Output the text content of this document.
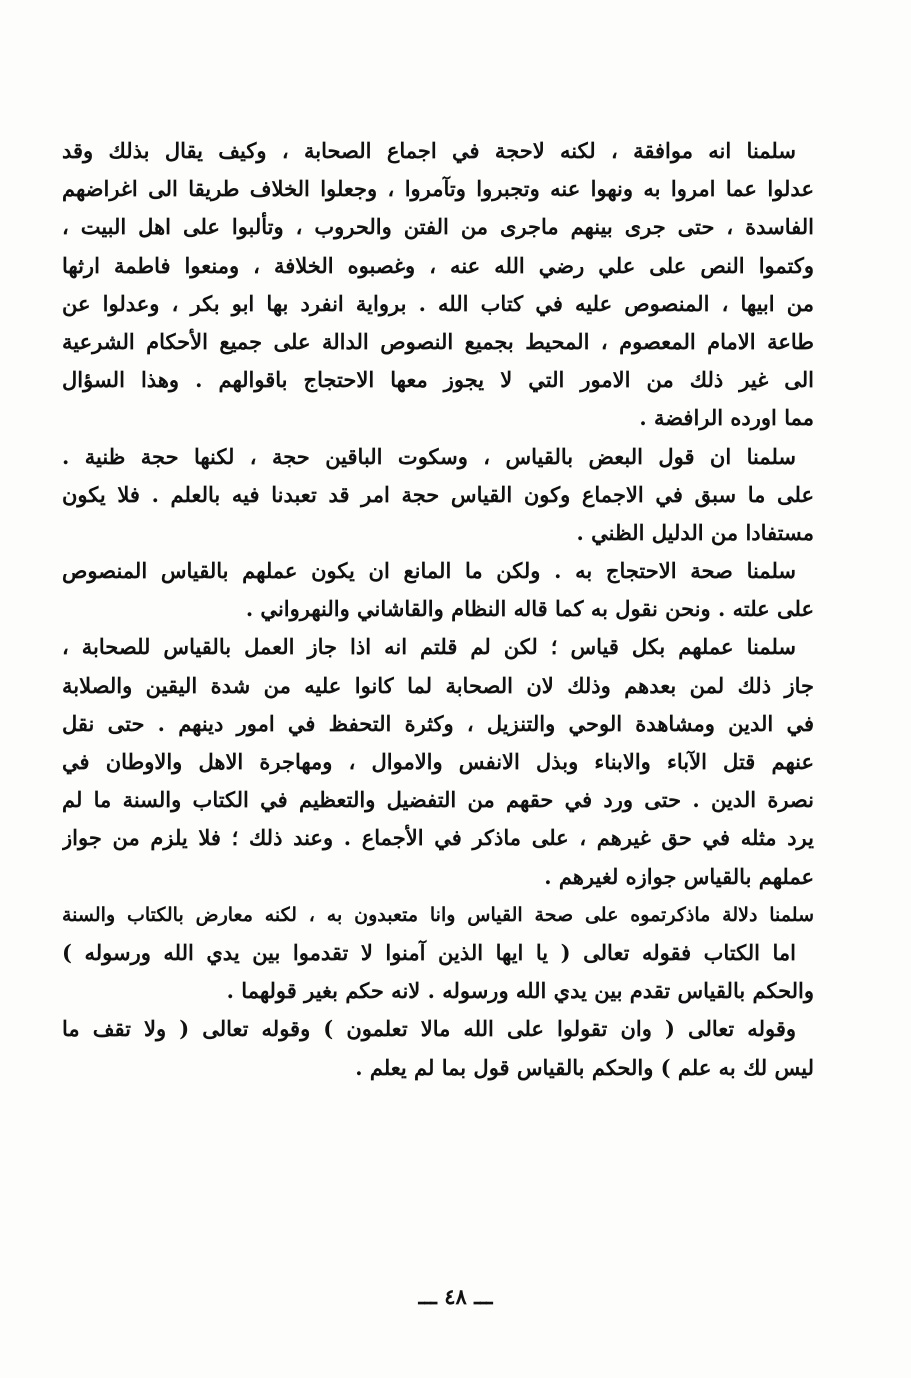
سلمنا انه موافقة ، لكنه لاحجة في اجماع الصحابة ، وكيف يقال بذلك وقد
عدلوا عما امروا به ونهوا عنه وتجبروا وتآمروا ، وجعلوا الخلاف طريقا الى اغراضهم
الفاسدة ، حتى جرى بينهم ماجرى من الفتن والحروب ، وتألبوا على اهل البيت ،
وكتموا النص على علي رضي الله عنه ، وغصبوه الخلافة ، ومنعوا فاطمة ارثها
من ابيها ، المنصوص عليه في كتاب الله . برواية انفرد بها ابو بكر ، وعدلوا عن
طاعة الامام المعصوم ، المحيط بجميع النصوص الدالة على جميع الأحكام الشرعية
الى غير ذلك من الامور التي لا يجوز معها الاحتجاج باقوالهم . وهذا السؤال
مما اورده الرافضة .
سلمنا ان قول البعض بالقياس ، وسكوت الباقين حجة ، لكنها حجة ظنية .
على ما سبق في الاجماع وكون القياس حجة امر قد تعبدنا فيه بالعلم . فلا يكون
مستفادا من الدليل الظني .
سلمنا صحة الاحتجاج به . ولكن ما المانع ان يكون عملهم بالقياس المنصوص
على علته . ونحن نقول به كما قاله النظام والقاشاني والنهرواني .
سلمنا عملهم بكل قياس ؛ لكن لم قلتم انه اذا جاز العمل بالقياس للصحابة ،
جاز ذلك لمن بعدهم وذلك لان الصحابة لما كانوا عليه من شدة اليقين والصلابة
في الدين ومشاهدة الوحي والتنزيل ، وكثرة التحفظ في امور دينهم . حتى نقل
عنهم قتل الآباء والابناء وبذل الانفس والاموال ، ومهاجرة الاهل والاوطان في
نصرة الدين . حتى ورد في حقهم من التفضيل والتعظيم في الكتاب والسنة ما لم
يرد مثله في حق غيرهم ، على ماذكر في الأجماع . وعند ذلك ؛ فلا يلزم من جواز
عملهم بالقياس جوازه لغيرهم .
سلمنا دلالة ماذكرتموه على صحة القياس وانا متعبدون به ، لكنه معارض بالكتاب والسنة
اما الكتاب فقوله تعالى ( يا ايها الذين آمنوا لا تقدموا بين يدي الله ورسوله )
والحكم بالقياس تقدم بين يدي الله ورسوله . لانه حكم بغير قولهما .
وقوله تعالى ( وان تقولوا على الله مالا تعلمون ) وقوله تعالى ( ولا تقف ما
ليس لك به علم ) والحكم بالقياس قول بما لم يعلم .
ـــ ٤٨ ـــ
